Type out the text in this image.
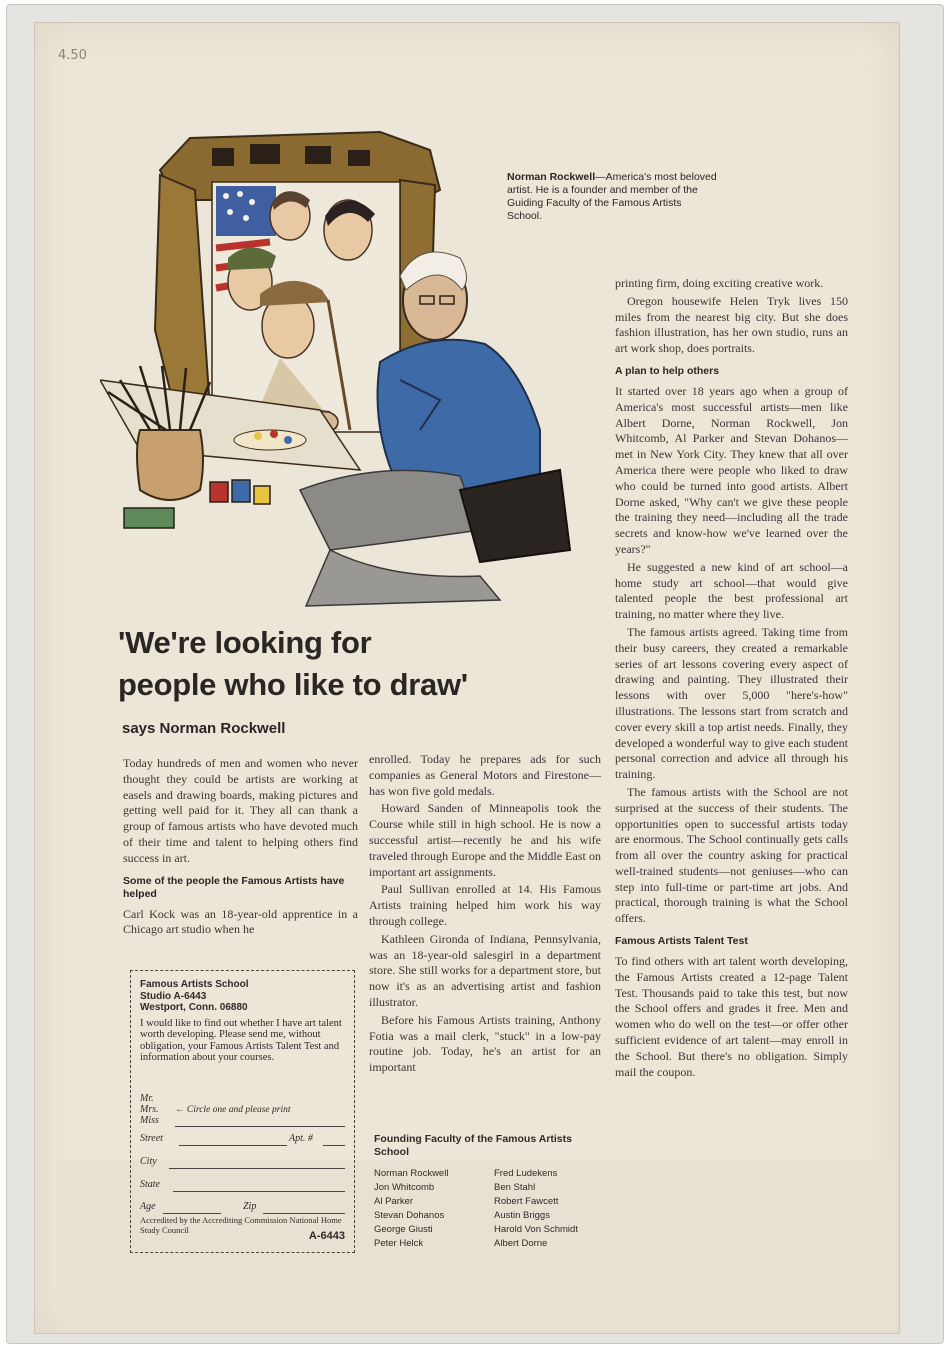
4.50
Norman Rockwell—America's most beloved artist. He is a founder and member of the Guiding Faculty of the Famous Artists School.
'We're looking for
people who like to draw'
says Norman Rockwell

Today hundreds of men and women who never thought they could be artists are working at easels and drawing boards, making pictures and getting well paid for it. They all can thank a group of famous artists who have devoted much of their time and talent to helping others find success in art.

Some of the people the Famous Artists have helped

Carl Kock was an 18-year-old apprentice in a Chicago art studio when he

Famous Artists School
Studio A-6443
Westport, Conn. 06880
I would like to find out whether I have art talent worth developing. Please send me, without obligation, your Famous Artists Talent Test and information about your courses.
Mr.
Mrs.
Miss
← Circle one and please print
Street	Apt. #
City
State
Age	Zip
Accredited by the Accrediting Commission National Home Study Council
A-6443

enrolled. Today he prepares ads for such companies as General Motors and Firestone—has won five gold medals.

Howard Sanden of Minneapolis took the Course while still in high school. He is now a successful artist—recently he and his wife traveled through Europe and the Middle East on important art assignments.

Paul Sullivan enrolled at 14. His Famous Artists training helped him work his way through college.

Kathleen Gironda of Indiana, Pennsylvania, was an 18-year-old salesgirl in a department store. She still works for a department store, but now it's as an advertising artist and fashion illustrator.

Before his Famous Artists training, Anthony Fotia was a mail clerk, "stuck" in a low-pay routine job. Today, he's an artist for an important

Founding Faculty of the Famous Artists School
Norman Rockwell	Fred Ludekens
Jon Whitcomb	Ben Stahl
Al Parker	Robert Fawcett
Stevan Dohanos	Austin Briggs
George Giusti	Harold Von Schmidt
Peter Helck	Albert Dorne

printing firm, doing exciting creative work.

Oregon housewife Helen Tryk lives 150 miles from the nearest big city. But she does fashion illustration, has her own studio, runs an art work shop, does portraits.

A plan to help others

It started over 18 years ago when a group of America's most successful artists—men like Albert Dorne, Norman Rockwell, Jon Whitcomb, Al Parker and Stevan Dohanos—met in New York City. They knew that all over America there were people who liked to draw who could be turned into good artists. Albert Dorne asked, "Why can't we give these people the training they need—including all the trade secrets and know-how we've learned over the years?"

He suggested a new kind of art school—a home study art school—that would give talented people the best professional art training, no matter where they live.

The famous artists agreed. Taking time from their busy careers, they created a remarkable series of art lessons covering every aspect of drawing and painting. They illustrated their lessons with over 5,000 "here's-how" illustrations. The lessons start from scratch and cover every skill a top artist needs. Finally, they developed a wonderful way to give each student personal correction and advice all through his training.

The famous artists with the School are not surprised at the success of their students. The opportunities open to successful artists today are enormous. The School continually gets calls from all over the country asking for practical well-trained students—not geniuses—who can step into full-time or part-time art jobs. And practical, thorough training is what the School offers.

Famous Artists Talent Test

To find others with art talent worth developing, the Famous Artists created a 12-page Talent Test. Thousands paid to take this test, but now the School offers and grades it free. Men and women who do well on the test—or offer other sufficient evidence of art talent—may enroll in the School. But there's no obligation. Simply mail the coupon.
